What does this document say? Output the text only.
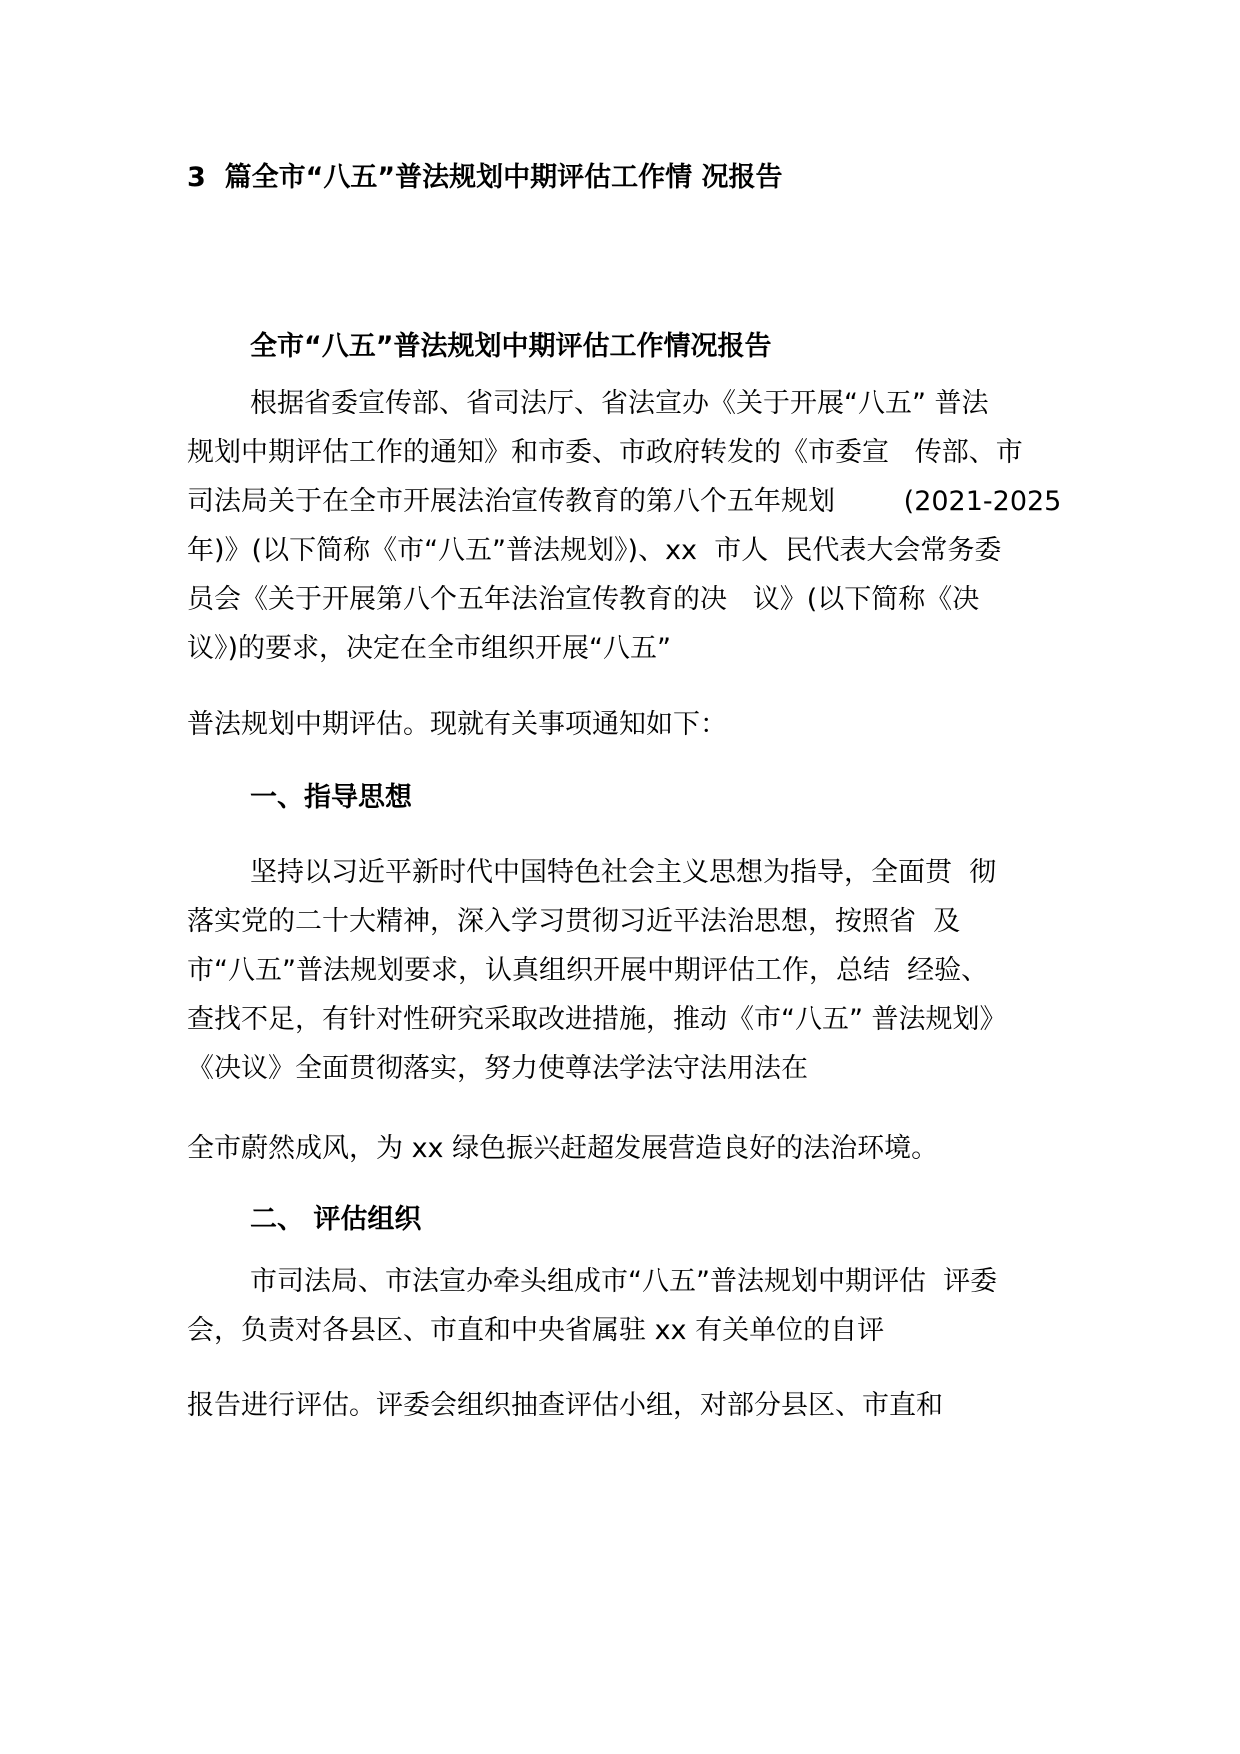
3  篇全市“八五”普法规划中期评估工作情 况报告
全市“八五”普法规划中期评估工作情况报告

根据省委宣传部、省司法厅、省法宣办《关于开展“八五” 普法

规划中期评估工作的通知》和市委、市政府转发的《市委宣   传部、市

司法局关于在全市开展法治宣传教育的第八个五年规划        (2021-2025

年)》(以下简称《市“八五”普法规划》)、xx  市人  民代表大会常务委

员会《关于开展第八个五年法治宣传教育的决   议》(以下简称《决

议》)的要求，决定在全市组织开展“八五”

普法规划中期评估。现就有关事项通知如下：

一、指导思想

坚持以习近平新时代中国特色社会主义思想为指导，全面贯  彻

落实党的二十大精神，深入学习贯彻习近平法治思想，按照省  及

市“八五”普法规划要求，认真组织开展中期评估工作，总结  经验、

查找不足，有针对性研究采取改进措施，推动《市“八五” 普法规划》

《决议》全面贯彻落实，努力使尊法学法守法用法在

全市蔚然成风，为 xx 绿色振兴赶超发展营造良好的法治环境。

二、 评估组织

市司法局、市法宣办牵头组成市“八五”普法规划中期评估  评委

会，负责对各县区、市直和中央省属驻 xx 有关单位的自评

报告进行评估。评委会组织抽查评估小组，对部分县区、市直和
